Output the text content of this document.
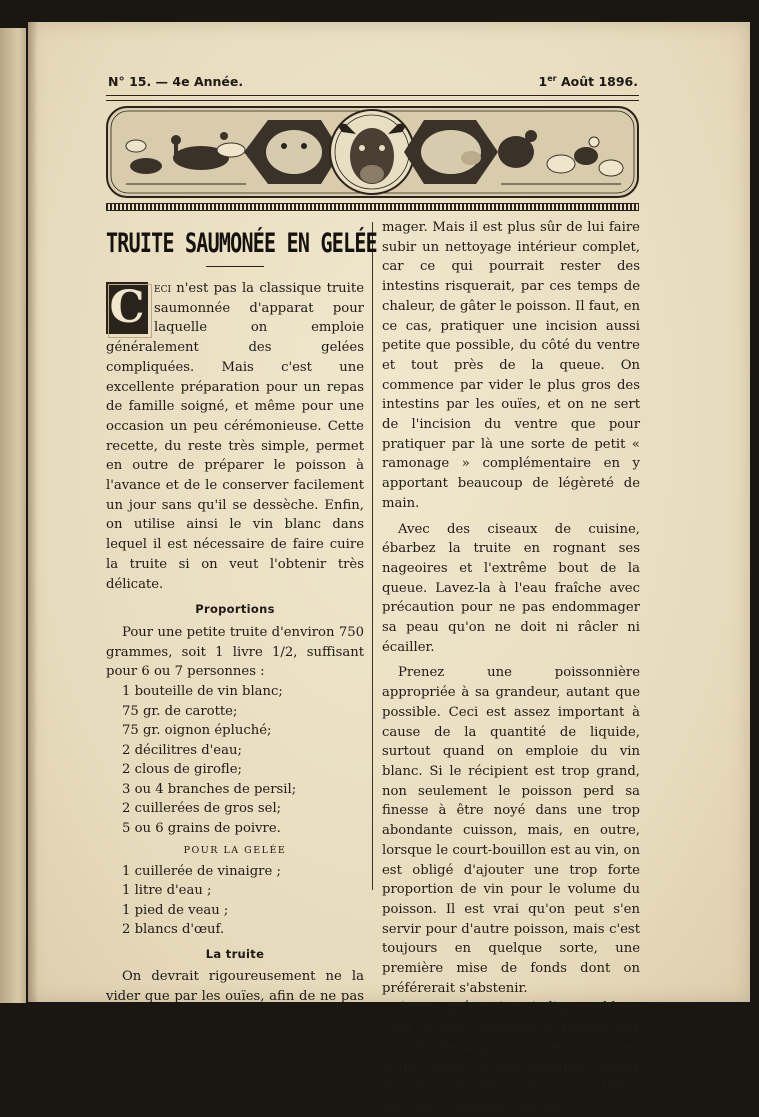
N° 15. — 4e Année.	1er Août 1896.
TRUITE SAUMONÉE EN GELÉE

C eci n'est pas la classique truite saumonnée d'apparat pour laquelle on emploie généralement des gelées compliquées. Mais c'est une excellente préparation pour un repas de famille soigné, et même pour une occasion un peu cérémonieuse. Cette recette, du reste très simple, permet en outre de préparer le poisson à l'avance et de le conserver facilement un jour sans qu'il se dessèche. Enfin, on utilise ainsi le vin blanc dans lequel il est nécessaire de faire cuire la truite si on veut l'obtenir très délicate.

Proportions

Pour une petite truite d'environ 750 grammes, soit 1 livre 1/2, suffisant pour 6 ou 7 personnes :

1 bouteille de vin blanc;
75 gr. de carotte;
75 gr. oignon épluché;
2 décilitres d'eau;
2 clous de girofle;
3 ou 4 branches de persil;
2 cuillerées de gros sel;
5 ou 6 grains de poivre.
POUR LA GELÉE
1 cuillerée de vinaigre ;
1 litre d'eau ;
1 pied de veau ;
2 blancs d'œuf.
La truite

On devrait rigoureusement ne la vider que par les ouïes, afin de ne pas l'endom-

mager. Mais il est plus sûr de lui faire subir un nettoyage intérieur complet, car ce qui pourrait rester des intestins risquerait, par ces temps de chaleur, de gâter le poisson. Il faut, en ce cas, pratiquer une incision aussi petite que possible, du côté du ventre et tout près de la queue. On commence par vider le plus gros des intestins par les ouïes, et on ne sert de l'incision du ventre que pour pratiquer par là une sorte de petit « ramonage » complémentaire en y apportant beaucoup de légèreté de main.

Avec des ciseaux de cuisine, ébarbez la truite en rognant ses nageoires et l'extrême bout de la queue. Lavez-la à l'eau fraîche avec précaution pour ne pas endommager sa peau qu'on ne doit ni râcler ni écailler.

Prenez une poissonnière appropriée à sa grandeur, autant que possible. Ceci est assez important à cause de la quantité de liquide, surtout quand on emploie du vin blanc. Si le récipient est trop grand, non seulement le poisson perd sa finesse à être noyé dans une trop abondante cuisson, mais, en outre, lorsque le court-bouillon est au vin, on est obligé d'ajouter une trop forte proportion de vin pour le volume du poisson. Il est vrai qu'on peut s'en servir pour d'autre poisson, mais c'est toujours en quelque sorte, une première mise de fonds dont on préférerait s'abstenir.

Autre précaution indispensable : c'est de bien assujettir le poisson sur la grille de la poissonnière, au moyen d'une légère ficelle enroulée autour de son corps. Ne la serrez pas trop : les chairs gonflant à la cuis-
